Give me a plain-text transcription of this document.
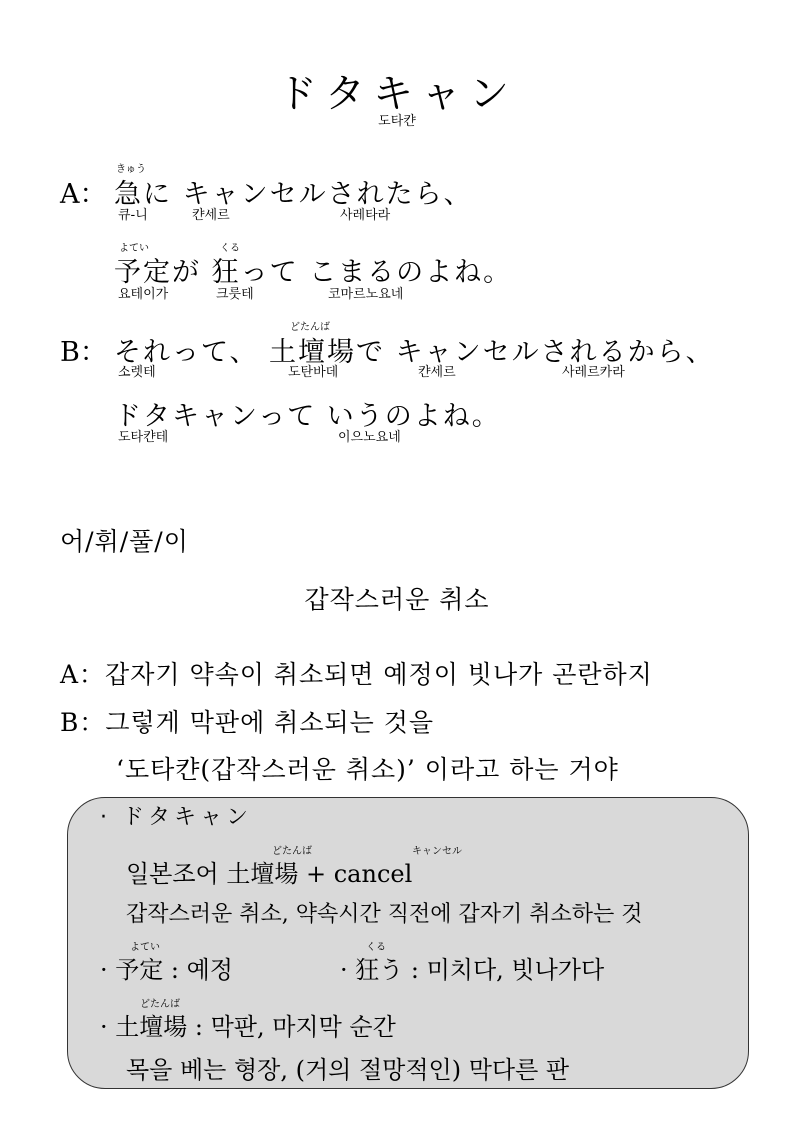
ドタキャン
도타캰
きゅう
A： 急に キャンセルされたら、
큐-니	캰세르	사레타라
よてい	くる
予定が 狂って こまるのよね。
요테이가	크룻테	코마르노요네
どたんば
B： それって、 土壇場で キャンセルされるから、
소렛테	도탄바데	캰세르	사레르카라
ドタキャンって いうのよね。
도타캰테	이으노요네
어/휘/풀/이
갑작스러운 취소
A：갑자기 약속이 취소되면 예정이 빗나가 곤란하지
B：그렇게 막판에 취소되는 것을
‘도타캰(갑작스러운 취소)’ 이라고 하는 거야
· ドタキャン
どたんば	キャンセル
일본조어 土壇場 + cancel
갑작스러운 취소, 약속시간 직전에 갑자기 취소하는 것
よてい	くる
· 予定 : 예정	· 狂う : 미치다, 빗나가다
どたんば
· 土壇場 : 막판, 마지막 순간
목을 베는 형장, (거의 절망적인) 막다른 판
